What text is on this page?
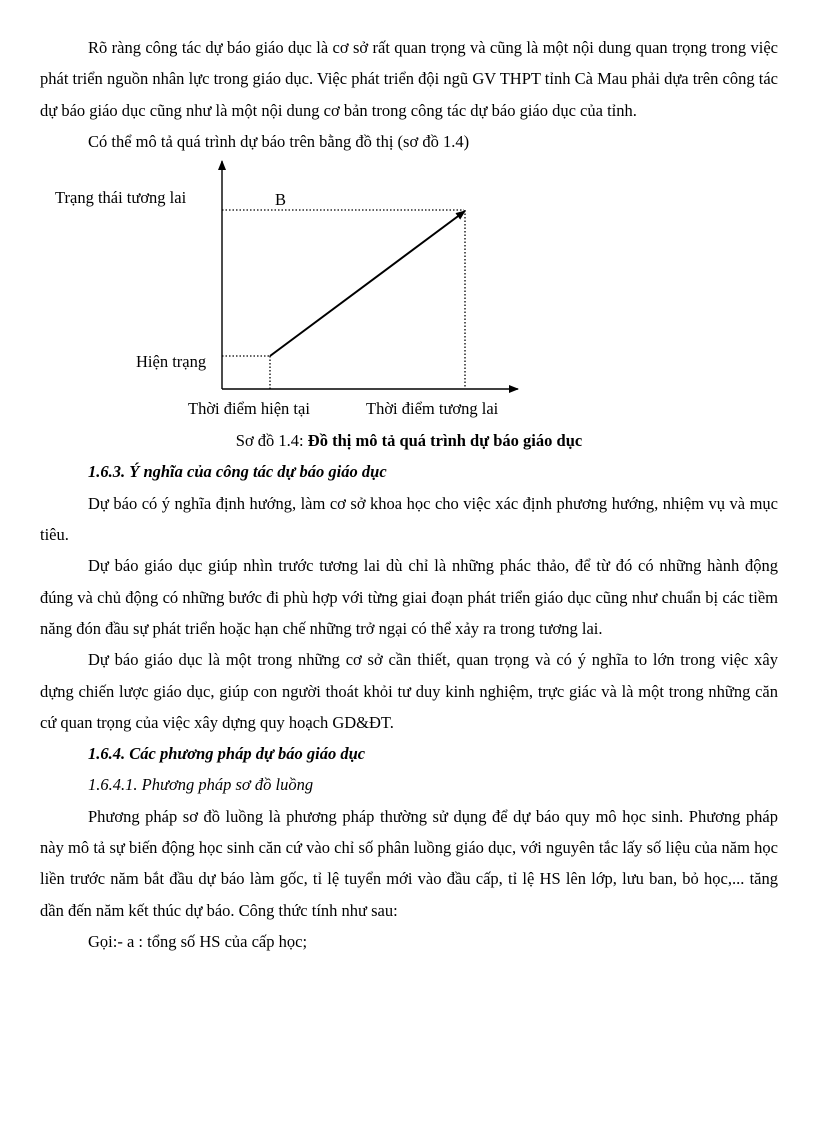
Rõ ràng công tác dự báo giáo dục là cơ sở rất quan trọng và cũng là một nội dung quan trọng trong việc phát triển nguồn nhân lực trong giáo dục. Việc phát triển đội ngũ GV THPT tỉnh Cà Mau phải dựa trên công tác dự báo giáo dục cũng như là một nội dung cơ bản trong công tác dự báo giáo dục của tỉnh.

Có thể mô tả quá trình dự báo trên bằng đồ thị (sơ đồ 1.4)

Trạng thái tương lai
Hiện trạng
B
Thời điểm hiện tại	Thời điểm tương lai
Sơ đồ 1.4: Đồ thị mô tả quá trình dự báo giáo dục

1.6.3. Ý nghĩa của công tác dự báo giáo dục

Dự báo có ý nghĩa định hướng, làm cơ sở khoa học cho việc xác định phương hướng, nhiệm vụ và mục tiêu.

Dự báo giáo dục giúp nhìn trước tương lai dù chỉ là những phác thảo, để từ đó có những hành động đúng và chủ động có những bước đi phù hợp với từng giai đoạn phát triển giáo dục cũng như chuẩn bị các tiềm năng đón đầu sự phát triển hoặc hạn chế những trở ngại có thể xảy ra trong tương lai.

Dự báo giáo dục là một trong những cơ sở cần thiết, quan trọng và có ý nghĩa to lớn trong việc xây dựng chiến lược giáo dục, giúp con người thoát khỏi tư duy kinh nghiệm, trực giác và là một trong những căn cứ quan trọng của việc xây dựng quy hoạch GD&ĐT.

1.6.4. Các phương pháp dự báo giáo dục

1.6.4.1. Phương pháp sơ đồ luồng

Phương pháp sơ đồ luồng là phương pháp thường sử dụng để dự báo quy mô học sinh. Phương pháp này mô tả sự biến động học sinh căn cứ vào chỉ số phân luồng giáo dục, với nguyên tắc lấy số liệu của năm học liền trước năm bắt đầu dự báo làm gốc, tỉ lệ tuyển mới vào đầu cấp, tỉ lệ HS lên lớp, lưu ban, bỏ học,... tăng dần đến năm kết thúc dự báo. Công thức tính như sau:

Gọi:- a : tổng số HS của cấp học;
